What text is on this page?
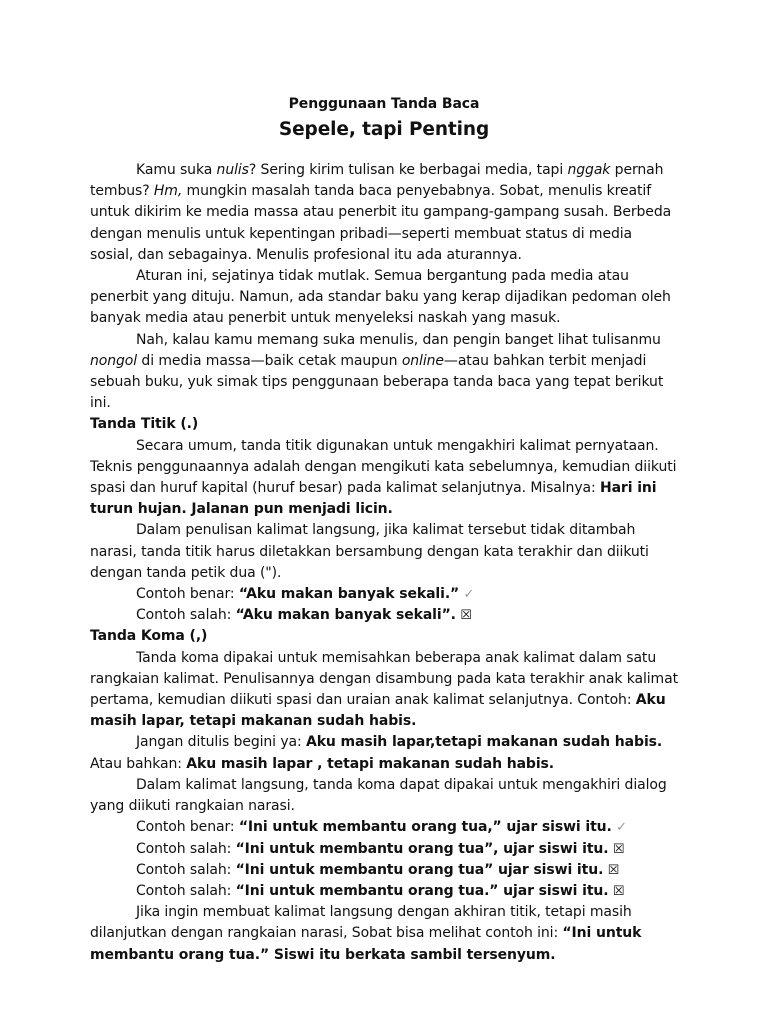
Penggunaan Tanda Baca
Sepele, tapi Penting

Kamu suka nulis? Sering kirim tulisan ke berbagai media, tapi nggak pernah tembus? Hm, mungkin masalah tanda baca penyebabnya. Sobat, menulis kreatif untuk dikirim ke media massa atau penerbit itu gampang-gampang susah. Berbeda dengan menulis untuk kepentingan pribadi—seperti membuat status di media sosial, dan sebagainya. Menulis profesional itu ada aturannya.

Aturan ini, sejatinya tidak mutlak. Semua bergantung pada media atau penerbit yang dituju. Namun, ada standar baku yang kerap dijadikan pedoman oleh banyak media atau penerbit untuk menyeleksi naskah yang masuk.

Nah, kalau kamu memang suka menulis, dan pengin banget lihat tulisanmu nongol di media massa—baik cetak maupun online—atau bahkan terbit menjadi sebuah buku, yuk simak tips penggunaan beberapa tanda baca yang tepat berikut ini.

Tanda Titik (.)

Secara umum, tanda titik digunakan untuk mengakhiri kalimat pernyataan. Teknis penggunaannya adalah dengan mengikuti kata sebelumnya, kemudian diikuti spasi dan huruf kapital (huruf besar) pada kalimat selanjutnya. Misalnya: Hari ini turun hujan. Jalanan pun menjadi licin.

Dalam penulisan kalimat langsung, jika kalimat tersebut tidak ditambah narasi, tanda titik harus diletakkan bersambung dengan kata terakhir dan diikuti dengan tanda petik dua (").

Contoh benar: “Aku makan banyak sekali.” ✓

Contoh salah: “Aku makan banyak sekali”. ☒

Tanda Koma (,)

Tanda koma dipakai untuk memisahkan beberapa anak kalimat dalam satu rangkaian kalimat. Penulisannya dengan disambung pada kata terakhir anak kalimat pertama, kemudian diikuti spasi dan uraian anak kalimat selanjutnya. Contoh: Aku masih lapar, tetapi makanan sudah habis.

Jangan ditulis begini ya: Aku masih lapar,tetapi makanan sudah habis. Atau bahkan: Aku masih lapar , tetapi makanan sudah habis.

Dalam kalimat langsung, tanda koma dapat dipakai untuk mengakhiri dialog yang diikuti rangkaian narasi.

Contoh benar: “Ini untuk membantu orang tua,” ujar siswi itu. ✓

Contoh salah: “Ini untuk membantu orang tua”, ujar siswi itu. ☒

Contoh salah: “Ini untuk membantu orang tua” ujar siswi itu. ☒

Contoh salah: “Ini untuk membantu orang tua.” ujar siswi itu. ☒

Jika ingin membuat kalimat langsung dengan akhiran titik, tetapi masih dilanjutkan dengan rangkaian narasi, Sobat bisa melihat contoh ini: “Ini untuk membantu orang tua.” Siswi itu berkata sambil tersenyum.
